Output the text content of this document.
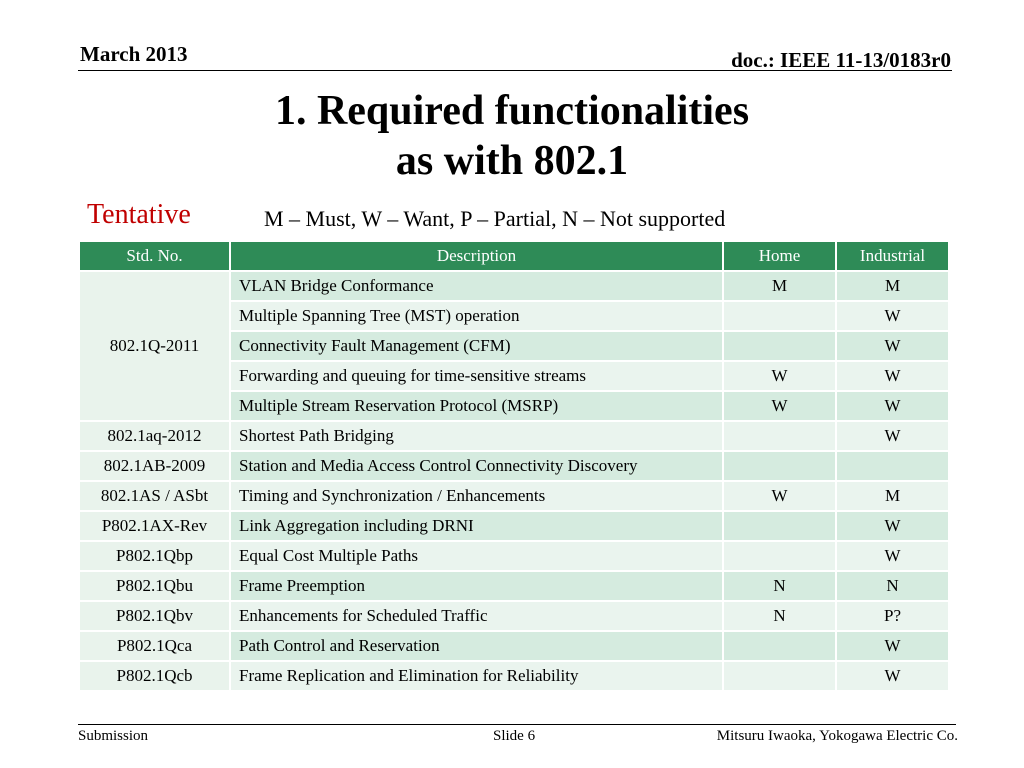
March 2013	doc.: IEEE 11-13/0183r0
1. Required functionalities
as with 802.1
Tentative	M – Must, W – Want, P – Partial, N – Not supported
Std. No.	Description	Home	Industrial
802.1Q-2011	VLAN Bridge Conformance	M	M
	Multiple Spanning Tree (MST) operation		W
	Connectivity Fault Management (CFM)		W
	Forwarding and queuing for time-sensitive streams	W	W
	Multiple Stream Reservation Protocol (MSRP)	W	W
802.1aq-2012	Shortest Path Bridging		W
802.1AB-2009	Station and Media Access Control Connectivity Discovery		
802.1AS / ASbt	Timing and Synchronization / Enhancements	W	M
P802.1AX-Rev	Link Aggregation including DRNI		W
P802.1Qbp	Equal Cost Multiple Paths		W
P802.1Qbu	Frame Preemption	N	N
P802.1Qbv	Enhancements for Scheduled Traffic	N	P?
P802.1Qca	Path Control and Reservation		W
P802.1Qcb	Frame Replication and Elimination for Reliability		W
Submission	Slide 6	Mitsuru Iwaoka, Yokogawa Electric Co.
